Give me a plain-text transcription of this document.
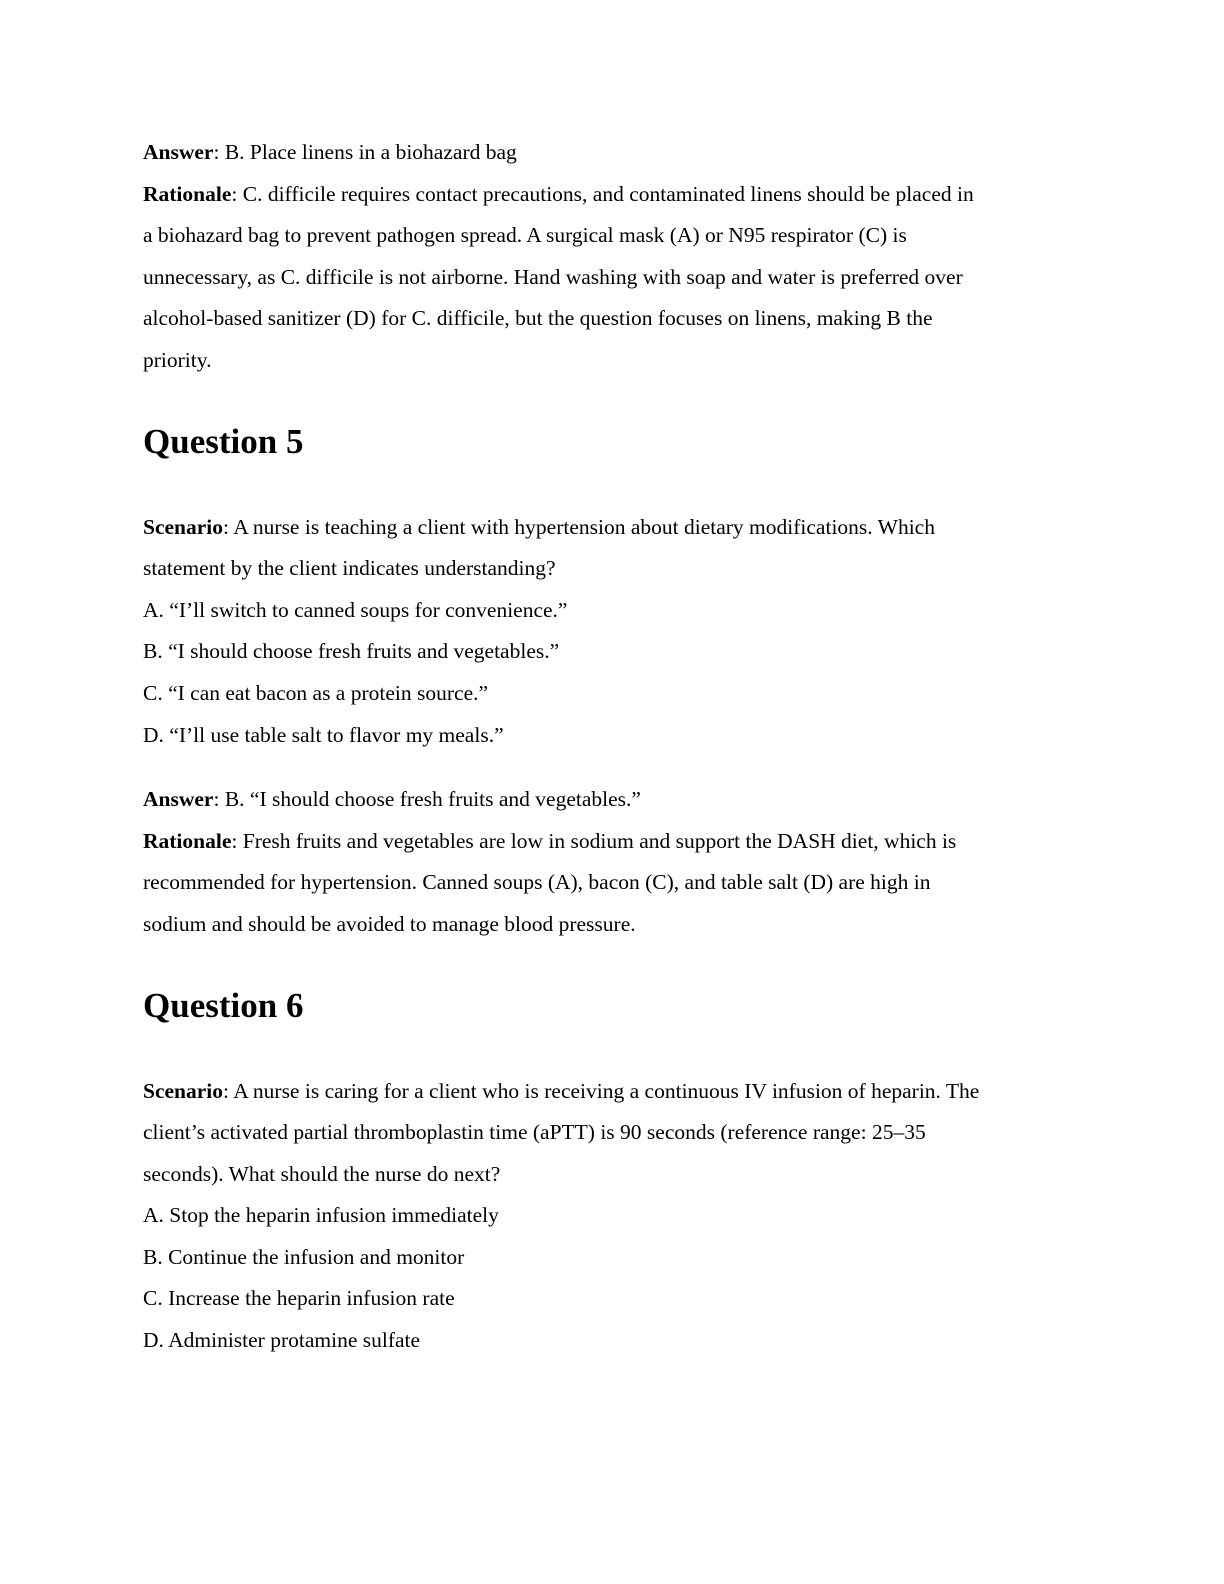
Answer: B. Place linens in a biohazard bag

Rationale: C. difficile requires contact precautions, and contaminated linens should be placed in

a biohazard bag to prevent pathogen spread. A surgical mask (A) or N95 respirator (C) is

unnecessary, as C. difficile is not airborne. Hand washing with soap and water is preferred over

alcohol-based sanitizer (D) for C. difficile, but the question focuses on linens, making B the

priority.

Question 5

Scenario: A nurse is teaching a client with hypertension about dietary modifications. Which

statement by the client indicates understanding?

A. “I’ll switch to canned soups for convenience.”

B. “I should choose fresh fruits and vegetables.”

C. “I can eat bacon as a protein source.”

D. “I’ll use table salt to flavor my meals.”

Answer: B. “I should choose fresh fruits and vegetables.”

Rationale: Fresh fruits and vegetables are low in sodium and support the DASH diet, which is

recommended for hypertension. Canned soups (A), bacon (C), and table salt (D) are high in

sodium and should be avoided to manage blood pressure.

Question 6

Scenario: A nurse is caring for a client who is receiving a continuous IV infusion of heparin. The

client’s activated partial thromboplastin time (aPTT) is 90 seconds (reference range: 25–35

seconds). What should the nurse do next?

A. Stop the heparin infusion immediately

B. Continue the infusion and monitor

C. Increase the heparin infusion rate

D. Administer protamine sulfate
